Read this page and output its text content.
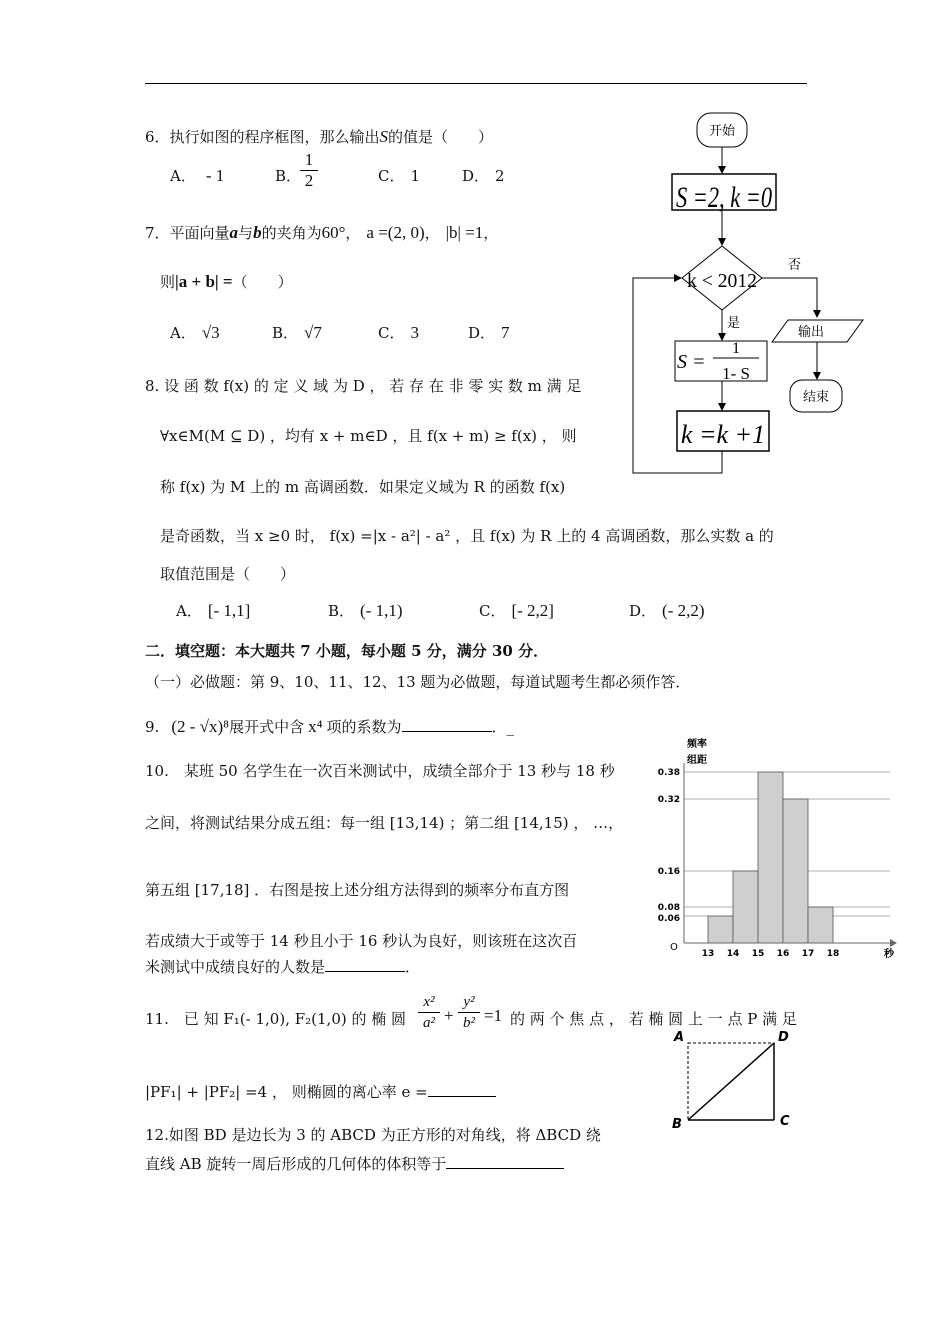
6．执行如图的程序框图，那么输出S的值是（　　）
A． - 1	B．
1
2	C． 1	D． 2
开始
S =2, k =0
k < 2012
否
是
S =
1
1- S
k =k +1
输出
结束
7．平面向量a与b的夹角为60°， a =(2, 0)， |b| =1，
则|a + b| =（　　）
A． √3	B． √7	C． 3	D． 7
8. 设 函 数 f(x) 的 定 义 域 为 D ， 若 存 在 非 零 实 数 m 满 足
∀x∈M(M ⊆ D) ，均有 x + m∈D ，且 f(x + m) ≥ f(x) ， 则
称 f(x) 为 M 上的 m 高调函数．如果定义域为 R 的函数 f(x)
是奇函数，当 x ≥0 时， f(x) =|x - a²| - a² ，且 f(x) 为 R 上的 4 高调函数，那么实数 a 的
取值范围是（　　）
A． [- 1,1]	B． (- 1,1)	C． [- 2,2]	D． (- 2,2)
二．填空题：本大题共 7 小题，每小题 5 分，满分 30 分．
（一）必做题：第 9、10、11、12、13 题为必做题，每道试题考生都必须作答．
9. (2 - √x)⁸展开式中含 x⁴ 项的系数为	．_
10.　某班 50 名学生在一次百米测试中，成绩全部介于 13 秒与 18 秒
之间，将测试结果分成五组：每一组 [13,14) ；第二组 [14,15) ， …，
第五组 [17,18] ．右图是按上述分组方法得到的频率分布直方图
若成绩大于或等于 14 秒且小于 16 秒认为良好，则该班在这次百
米测试中成绩良好的人数是	．
频率
组距
O
秒
0.06
0.08
0.16
0.32
0.38
13 14 15 16 17 18
11.　已 知 F₁(- 1,0), F₂(1,0) 的 椭 圆
x²
a² +
y²
b² =1 的 两 个 焦 点 ， 若 椭 圆 上 一 点 P 满 足
|PF₁| + |PF₂| =4 ， 则椭圆的离心率 e =
A	D
B	C
12.如图 BD 是边长为 3 的 ABCD 为正方形的对角线，将 ΔBCD 绕
直线 AB 旋转一周后形成的几何体的体积等于
